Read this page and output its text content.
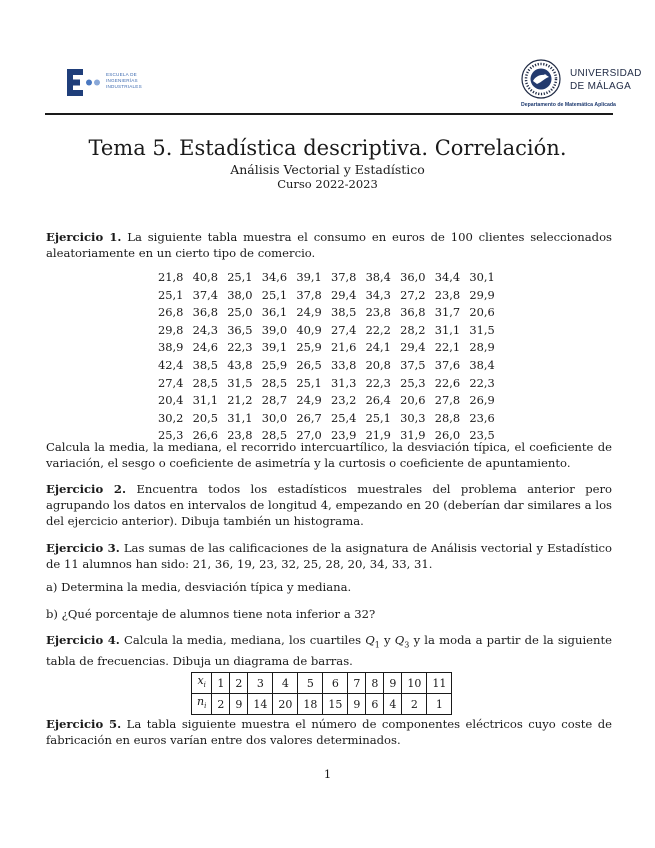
ESCUELA DE
INGENIERÍAS
INDUSTRIALES
UNIVERSIDAD
DE MÁLAGA
Departamento de Matemática Aplicada
Tema 5. Estadística descriptiva. Correlación.
Análisis Vectorial y Estadístico
Curso 2022-2023
Ejercicio 1. La siguiente tabla muestra el consumo en euros de 100 clientes seleccionados aleatoriamente en un cierto tipo de comercio.
21,8 40,8 25,1 34,6 39,1 37,8 38,4 36,0 34,4 30,1
25,1 37,4 38,0 25,1 37,8 29,4 34,3 27,2 23,8 29,9
26,8 36,8 25,0 36,1 24,9 38,5 23,8 36,8 31,7 20,6
29,8 24,3 36,5 39,0 40,9 27,4 22,2 28,2 31,1 31,5
38,9 24,6 22,3 39,1 25,9 21,6 24,1 29,4 22,1 28,9
42,4 38,5 43,8 25,9 26,5 33,8 20,8 37,5 37,6 38,4
27,4 28,5 31,5 28,5 25,1 31,3 22,3 25,3 22,6 22,3
20,4 31,1 21,2 28,7 24,9 23,2 26,4 20,6 27,8 26,9
30,2 20,5 31,1 30,0 26,7 25,4 25,1 30,3 28,8 23,6
25,3 26,6 23,8 28,5 27,0 23,9 21,9 31,9 26,0 23,5
Calcula la media, la mediana, el recorrido intercuartílico, la desviación típica, el coeficiente de variación, el sesgo o coeficiente de asimetría y la curtosis o coeficiente de apuntamiento.
Ejercicio 2. Encuentra todos los estadísticos muestrales del problema anterior pero agrupando los datos en intervalos de longitud 4, empezando en 20 (deberían dar similares a los del ejercicio anterior). Dibuja también un histograma.
Ejercicio 3. Las sumas de las calificaciones de la asignatura de Análisis vectorial y Estadístico de 11 alumnos han sido: 21, 36, 19, 23, 32, 25, 28, 20, 34, 33, 31.
a) Determina la media, desviación típica y mediana.
b) ¿Qué porcentaje de alumnos tiene nota inferior a 32?
Ejercicio 4. Calcula la media, mediana, los cuartiles $Q_1$ y $Q_3$ y la moda a partir de la siguiente tabla de frecuencias. Dibuja un diagrama de barras.
$x_i$	1	2	3	4	5	6	7	8	9	10	11
$n_i$	2	9	14	20	18	15	9	6	4	2	1
Ejercicio 5. La tabla siguiente muestra el número de componentes eléctricos cuyo coste de fabricación en euros varían entre dos valores determinados.
1
